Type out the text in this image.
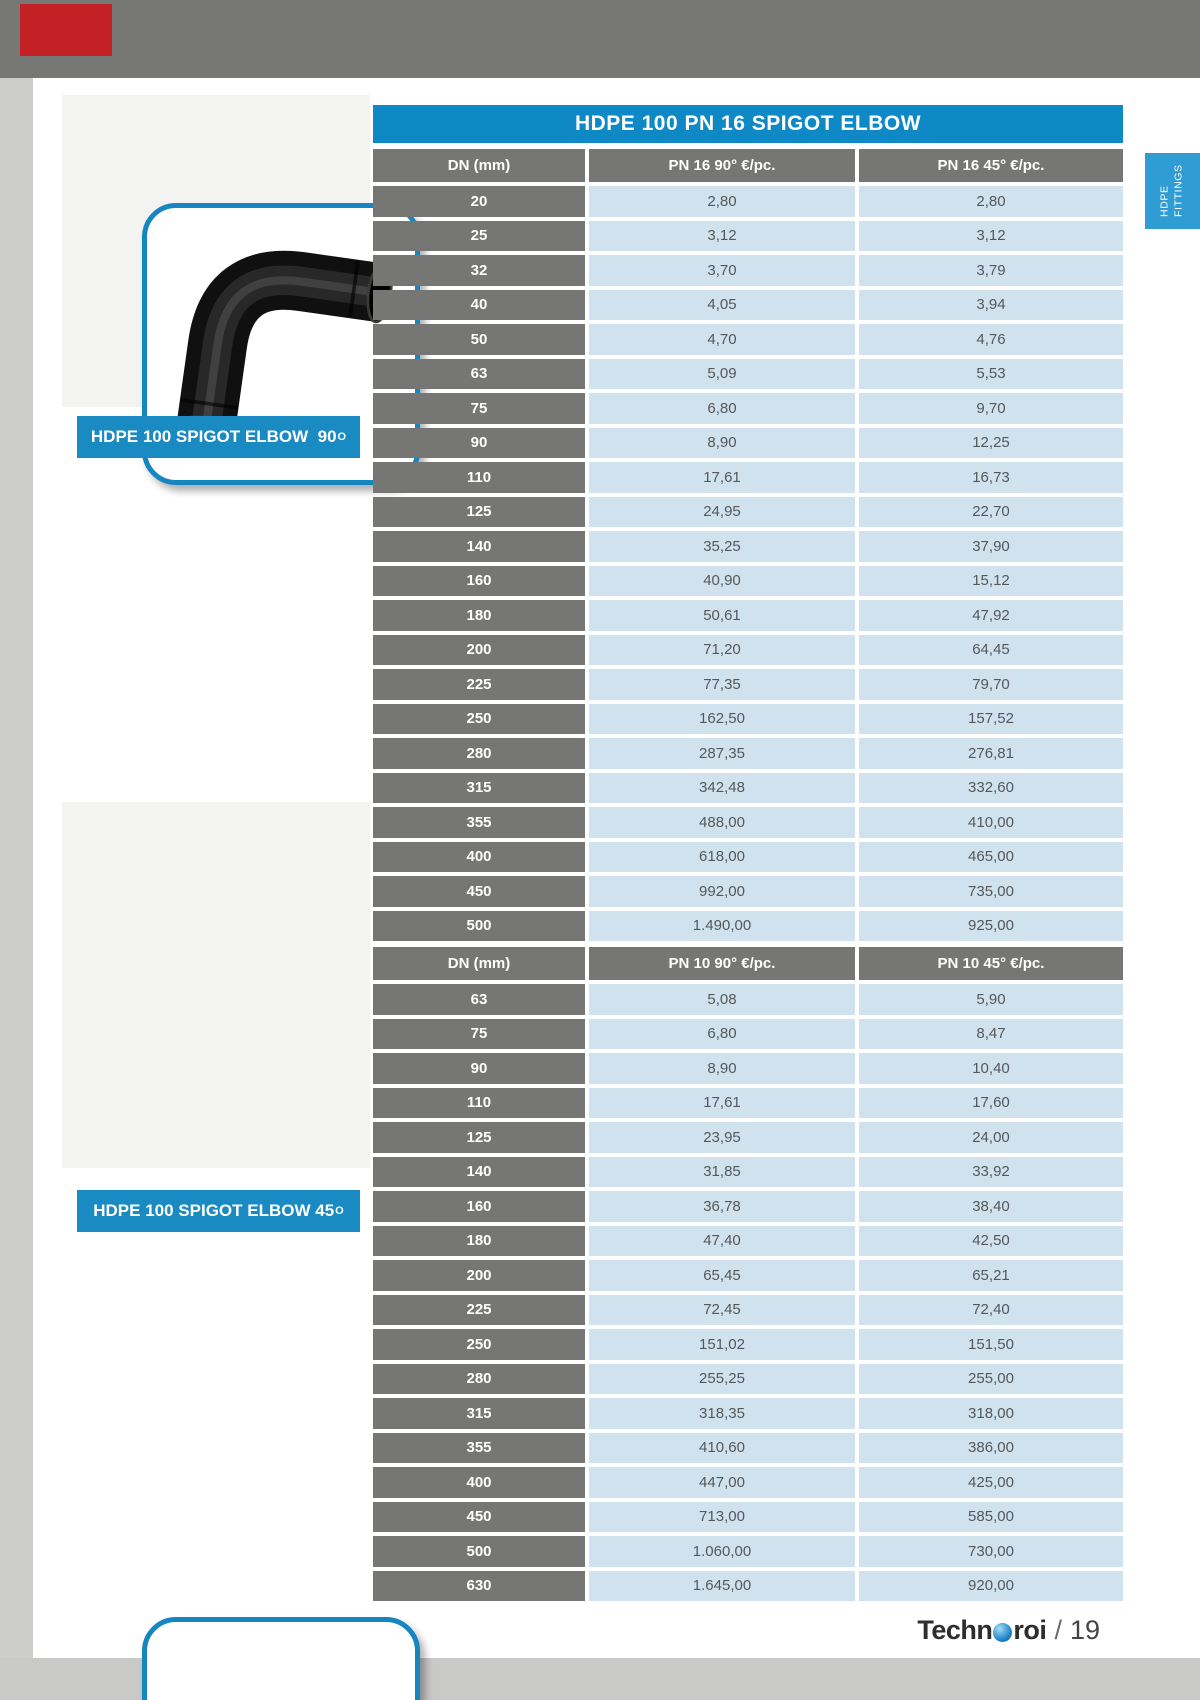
HDPE FITTINGS
HDPE 100 SPIGOT ELBOW
90 O
HDPE 100 SPIGOT ELBOW
45 O
HDPE 100 PN 16 SPIGOT ELBOW
DN (mm)	PN 16 90° €/pc.	PN 16 45° €/pc.
20	2,80	2,80
25	3,12	3,12
32	3,70	3,79
40	4,05	3,94
50	4,70	4,76
63	5,09	5,53
75	6,80	9,70
90	8,90	12,25
110	17,61	16,73
125	24,95	22,70
140	35,25	37,90
160	40,90	15,12
180	50,61	47,92
200	71,20	64,45
225	77,35	79,70
250	162,50	157,52
280	287,35	276,81
315	342,48	332,60
355	488,00	410,00
400	618,00	465,00
450	992,00	735,00
500	1.490,00	925,00
DN (mm)	PN 10 90° €/pc.	PN 10 45° €/pc.
63	5,08	5,90
75	6,80	8,47
90	8,90	10,40
110	17,61	17,60
125	23,95	24,00
140	31,85	33,92
160	36,78	38,40
180	47,40	42,50
200	65,45	65,21
225	72,45	72,40
250	151,02	151,50
280	255,25	255,00
315	318,35	318,00
355	410,60	386,00
400	447,00	425,00
450	713,00	585,00
500	1.060,00	730,00
630	1.645,00	920,00
Techn roi / 19
